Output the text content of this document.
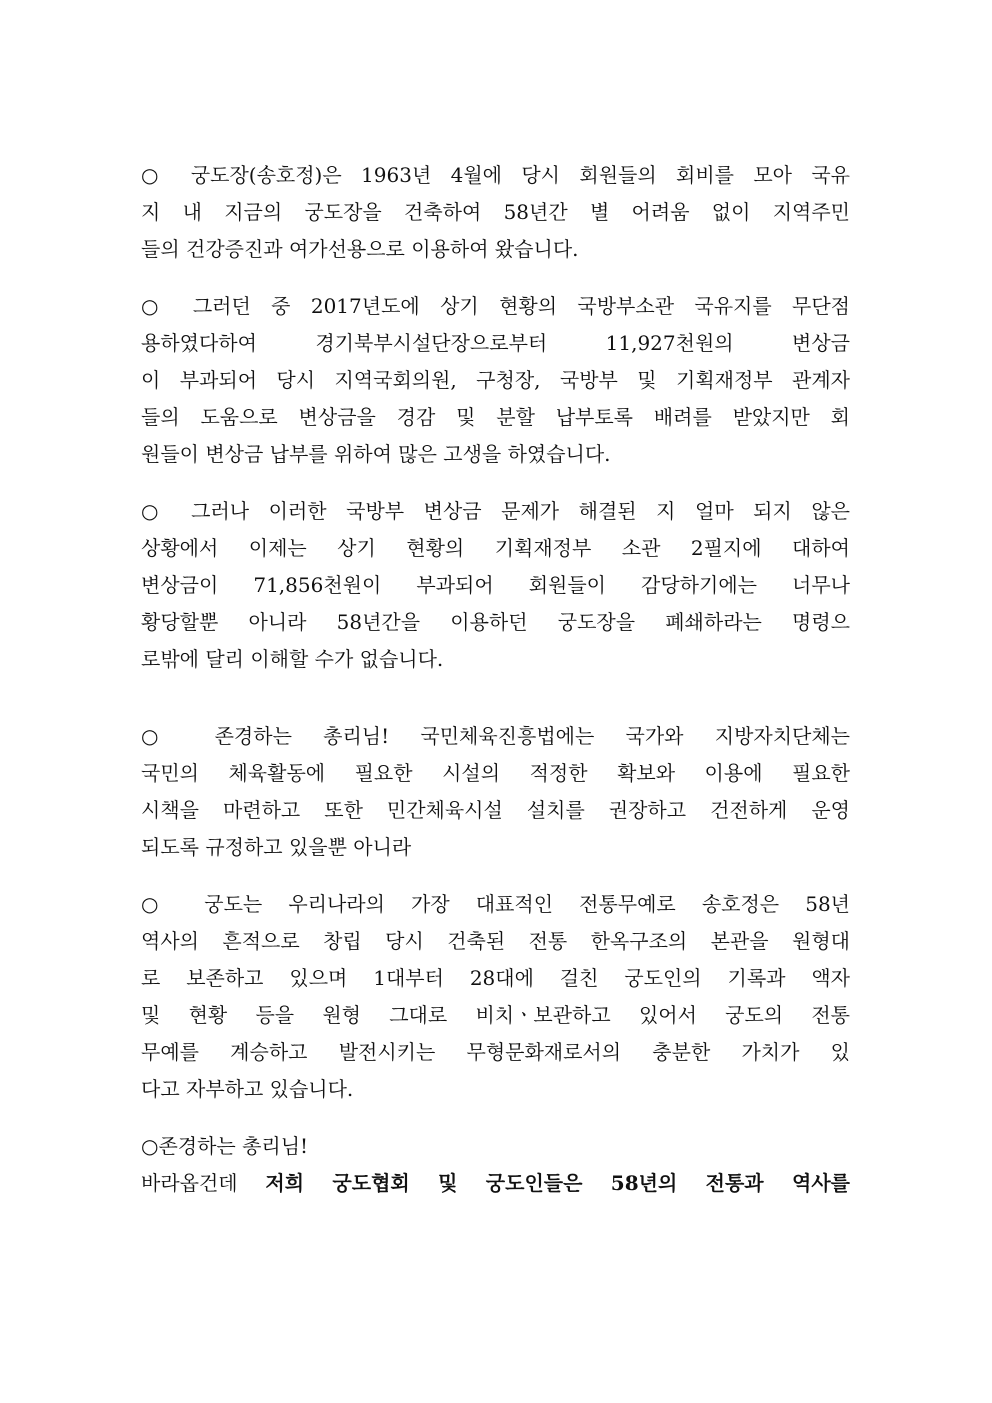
○ 궁도장(송호정)은 1963년 4월에 당시 회원들의 회비를 모아 국유
지 내 지금의 궁도장을 건축하여 58년간 별 어려움 없이 지역주민
들의 건강증진과 여가선용으로 이용하여 왔습니다.
○ 그러던 중 2017년도에 상기 현황의 국방부소관 국유지를 무단점
용하였다하여 경기북부시설단장으로부터 11,927천원의 변상금
이 부과되어 당시 지역국회의원, 구청장, 국방부 및 기획재정부 관계자
들의 도움으로 변상금을 경감 및 분할 납부토록 배려를 받았지만 회
원들이 변상금 납부를 위하여 많은 고생을 하였습니다.
○ 그러나 이러한 국방부 변상금 문제가 해결된 지 얼마 되지 않은
상황에서 이제는 상기 현황의 기획재정부 소관 2필지에 대하여
변상금이 71,856천원이 부과되어 회원들이 감당하기에는 너무나
황당할뿐 아니라 58년간을 이용하던 궁도장을 폐쇄하라는 명령으
로밖에 달리 이해할 수가 없습니다.
○ 존경하는 총리님! 국민체육진흥법에는 국가와 지방자치단체는
국민의 체육활동에 필요한 시설의 적정한 확보와 이용에 필요한
시책을 마련하고 또한 민간체육시설 설치를 권장하고 건전하게 운영
되도록 규정하고 있을뿐 아니라
○ 궁도는 우리나라의 가장 대표적인 전통무예로 송호정은 58년
역사의 흔적으로 창립 당시 건축된 전통 한옥구조의 본관을 원형대
로 보존하고 있으며 1대부터 28대에 걸친 궁도인의 기록과 액자
및 현황 등을 원형 그대로 비치ㆍ보관하고 있어서 궁도의 전통
무예를 계승하고 발전시키는 무형문화재로서의 충분한 가치가 있
다고 자부하고 있습니다.
○존경하는 총리님!
바라옵건데 저희 궁도협회 및 궁도인들은 58년의 전통과 역사를
